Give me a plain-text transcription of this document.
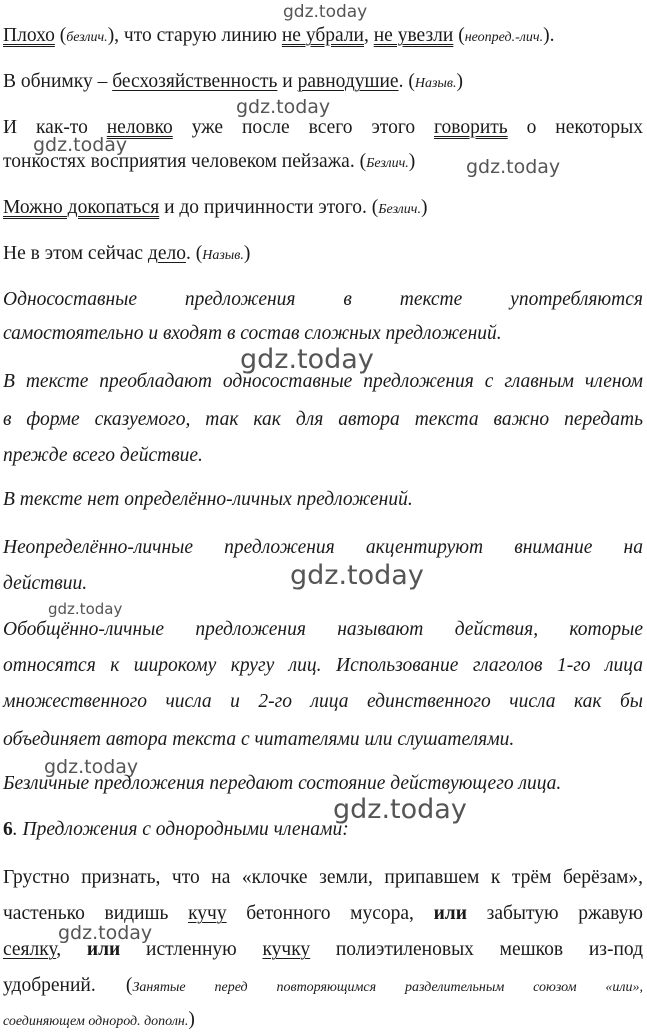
gdz.today
gdz.today
gdz.today
gdz.today
gdz.today
gdz.today
gdz.today
gdz.today
gdz.today
gdz.today
Плохо (безлич.), что старую линию не убрали, не увезли (неопред.-лич.).
В обнимку – бесхозяйственность и равнодушие. (Назыв.)
И как-то неловко уже после всего этого говорить о некоторых
тонкостях восприятия человеком пейзажа. (Безлич.)
Можно докопаться и до причинности этого. (Безлич.)
Не в этом сейчас дело. (Назыв.)
Односоставные предложения в тексте употребляются
самостоятельно и входят в состав сложных предложений.
В тексте преобладают односоставные предложения с главным членом
в форме сказуемого, так как для автора текста важно передать
прежде всего действие.
В тексте нет определённо-личных предложений.
Неопределённо-личные предложения акцентируют внимание на
действии.
Обобщённо-личные предложения называют действия, которые
относятся к широкому кругу лиц. Использование глаголов 1-го лица
множественного числа и 2-го лица единственного числа как бы
объединяет автора текста с читателями или слушателями.
Безличные предложения передают состояние действующего лица.
6. Предложения с однородными членами:
Грустно признать, что на «клочке земли, припавшем к трём берёзам»,
частенько видишь кучу бетонного мусора, или забытую ржавую
сеялку, или истленную кучку полиэтиленовых мешков из-под
удобрений. (Занятые перед повторяющимся разделительным союзом «или»,
соединяющем однород. дополн.)
